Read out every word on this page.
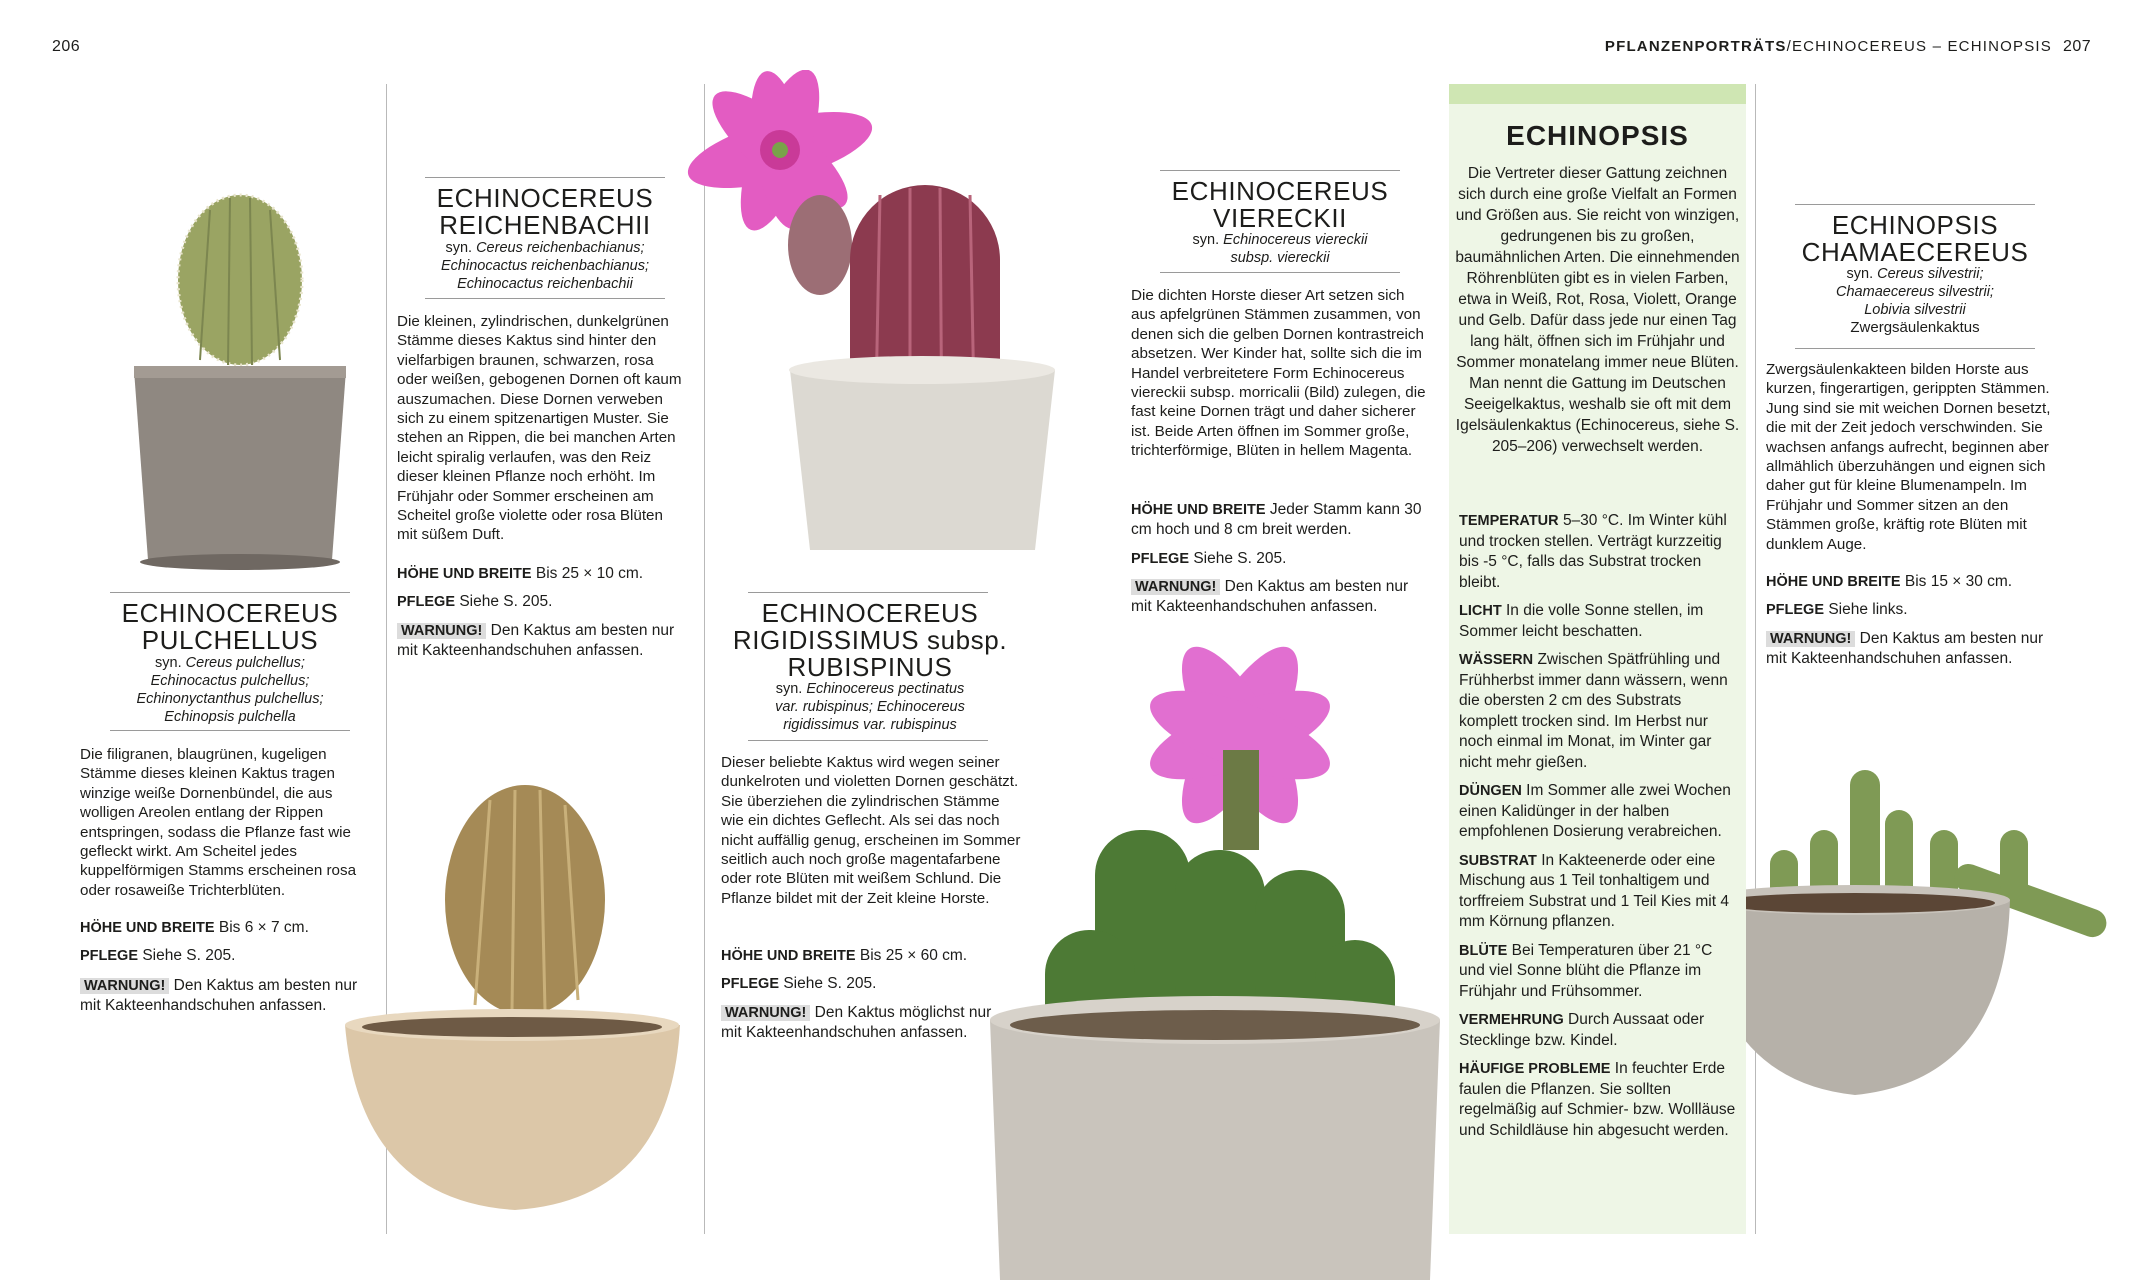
206	207
PFLANZENPORTRÄTS/ECHINOCEREUS – ECHINOPSIS
ECHINOCEREUS PULCHELLUS
syn. Cereus pulchellus;
Echinocactus pulchellus;
Echinonyctanthus pulchellus;
Echinopsis pulchella
Die filigranen, blaugrünen, kugeligen Stämme dieses kleinen Kaktus tragen winzige weiße Dornenbündel, die aus wolligen Areolen entlang der Rippen entspringen, sodass die Pflanze fast wie gefleckt wirkt. Am Scheitel jedes kuppelförmigen Stamms erscheinen rosa oder rosaweiße Trichterblüten.
HÖHE UND BREITE Bis 6 × 7 cm.
PFLEGE Siehe S. 205.
WARNUNG! Den Kaktus am besten nur mit Kakteenhandschuhen anfassen.
ECHINOCEREUS REICHENBACHII
syn. Cereus reichenbachianus;
Echinocactus reichenbachianus;
Echinocactus reichenbachii
Die kleinen, zylindrischen, dunkelgrünen Stämme dieses Kaktus sind hinter den vielfarbigen braunen, schwarzen, rosa oder weißen, gebogenen Dornen oft kaum auszumachen. Diese Dornen verweben sich zu einem spitzenartigen Muster. Sie stehen an Rippen, die bei manchen Arten leicht spiralig verlaufen, was den Reiz dieser kleinen Pflanze noch erhöht. Im Frühjahr oder Sommer erscheinen am Scheitel große violette oder rosa Blüten mit süßem Duft.
HÖHE UND BREITE Bis 25 × 10 cm.
PFLEGE Siehe S. 205.
WARNUNG! Den Kaktus am besten nur mit Kakteenhandschuhen anfassen.
ECHINOCEREUS RIGIDISSIMUS subsp. RUBISPINUS
syn. Echinocereus pectinatus
var. rubispinus; Echinocereus
rigidissimus var. rubispinus
Dieser beliebte Kaktus wird wegen seiner dunkelroten und violetten Dornen geschätzt. Sie überziehen die zylindrischen Stämme wie ein dichtes Geflecht. Als sei das noch nicht auffällig genug, erscheinen im Sommer seitlich auch noch große magentafarbene oder rote Blüten mit weißem Schlund. Die Pflanze bildet mit der Zeit kleine Horste.
HÖHE UND BREITE Bis 25 × 60 cm.
PFLEGE Siehe S. 205.
WARNUNG! Den Kaktus möglichst nur mit Kakteenhandschuhen anfassen.
ECHINOCEREUS VIERECKII
syn. Echinocereus viereckii
subsp. viereckii
Die dichten Horste dieser Art setzen sich aus apfelgrünen Stämmen zusammen, von denen sich die gelben Dornen kontrastreich absetzen. Wer Kinder hat, sollte sich die im Handel verbreitetere Form Echinocereus viereckii subsp. morricalii (Bild) zulegen, die fast keine Dornen trägt und daher sicherer ist. Beide Arten öffnen im Sommer große, trichterförmige, Blüten in hellem Magenta.
HÖHE UND BREITE Jeder Stamm kann 30 cm hoch und 8 cm breit werden.
PFLEGE Siehe S. 205.
WARNUNG! Den Kaktus am besten nur mit Kakteenhandschuhen anfassen.
ECHINOPSIS
Die Vertreter dieser Gattung zeichnen sich durch eine große Vielfalt an Formen und Größen aus. Sie reicht von winzigen, gedrungenen bis zu großen, baumähnlichen Arten. Die einnehmenden Röhrenblüten gibt es in vielen Farben, etwa in Weiß, Rot, Rosa, Violett, Orange und Gelb. Dafür dass jede nur einen Tag lang hält, öffnen sich im Frühjahr und Sommer monatelang immer neue Blüten. Man nennt die Gattung im Deutschen Seeigelkaktus, weshalb sie oft mit dem Igelsäulenkaktus (Echinocereus, siehe S. 205–206) verwechselt werden.

TEMPERATUR 5–30 °C. Im Winter kühl und trocken stellen. Verträgt kurzzeitig bis -5 °C, falls das Substrat trocken bleibt.

LICHT In die volle Sonne stellen, im Sommer leicht beschatten.

WÄSSERN Zwischen Spätfrühling und Frühherbst immer dann wässern, wenn die obersten 2 cm des Substrats komplett trocken sind. Im Herbst nur noch einmal im Monat, im Winter gar nicht mehr gießen.

DÜNGEN Im Sommer alle zwei Wochen einen Kalidünger in der halben empfohlenen Dosierung verabreichen.

SUBSTRAT In Kakteenerde oder eine Mischung aus 1 Teil tonhaltigem und torffreiem Substrat und 1 Teil Kies mit 4 mm Körnung pflanzen.

BLÜTE Bei Temperaturen über 21 °C und viel Sonne blüht die Pflanze im Frühjahr und Frühsommer.

VERMEHRUNG Durch Aussaat oder Stecklinge bzw. Kindel.

HÄUFIGE PROBLEME In feuchter Erde faulen die Pflanzen. Sie sollten regelmäßig auf Schmier- bzw. Wollläuse und Schildläuse hin abgesucht werden.

ECHINOPSIS CHAMAECEREUS
syn. Cereus silvestrii;
Chamaecereus silvestrii;
Lobivia silvestrii
Zwergsäulenkaktus
Zwergsäulenkakteen bilden Horste aus kurzen, fingerartigen, gerippten Stämmen. Jung sind sie mit weichen Dornen besetzt, die mit der Zeit jedoch verschwinden. Sie wachsen anfangs aufrecht, beginnen aber allmählich überzuhängen und eignen sich daher gut für kleine Blumenampeln. Im Frühjahr und Sommer sitzen an den Stämmen große, kräftig rote Blüten mit dunklem Auge.
HÖHE UND BREITE Bis 15 × 30 cm.
PFLEGE Siehe links.
WARNUNG! Den Kaktus am besten nur mit Kakteenhandschuhen anfassen.
